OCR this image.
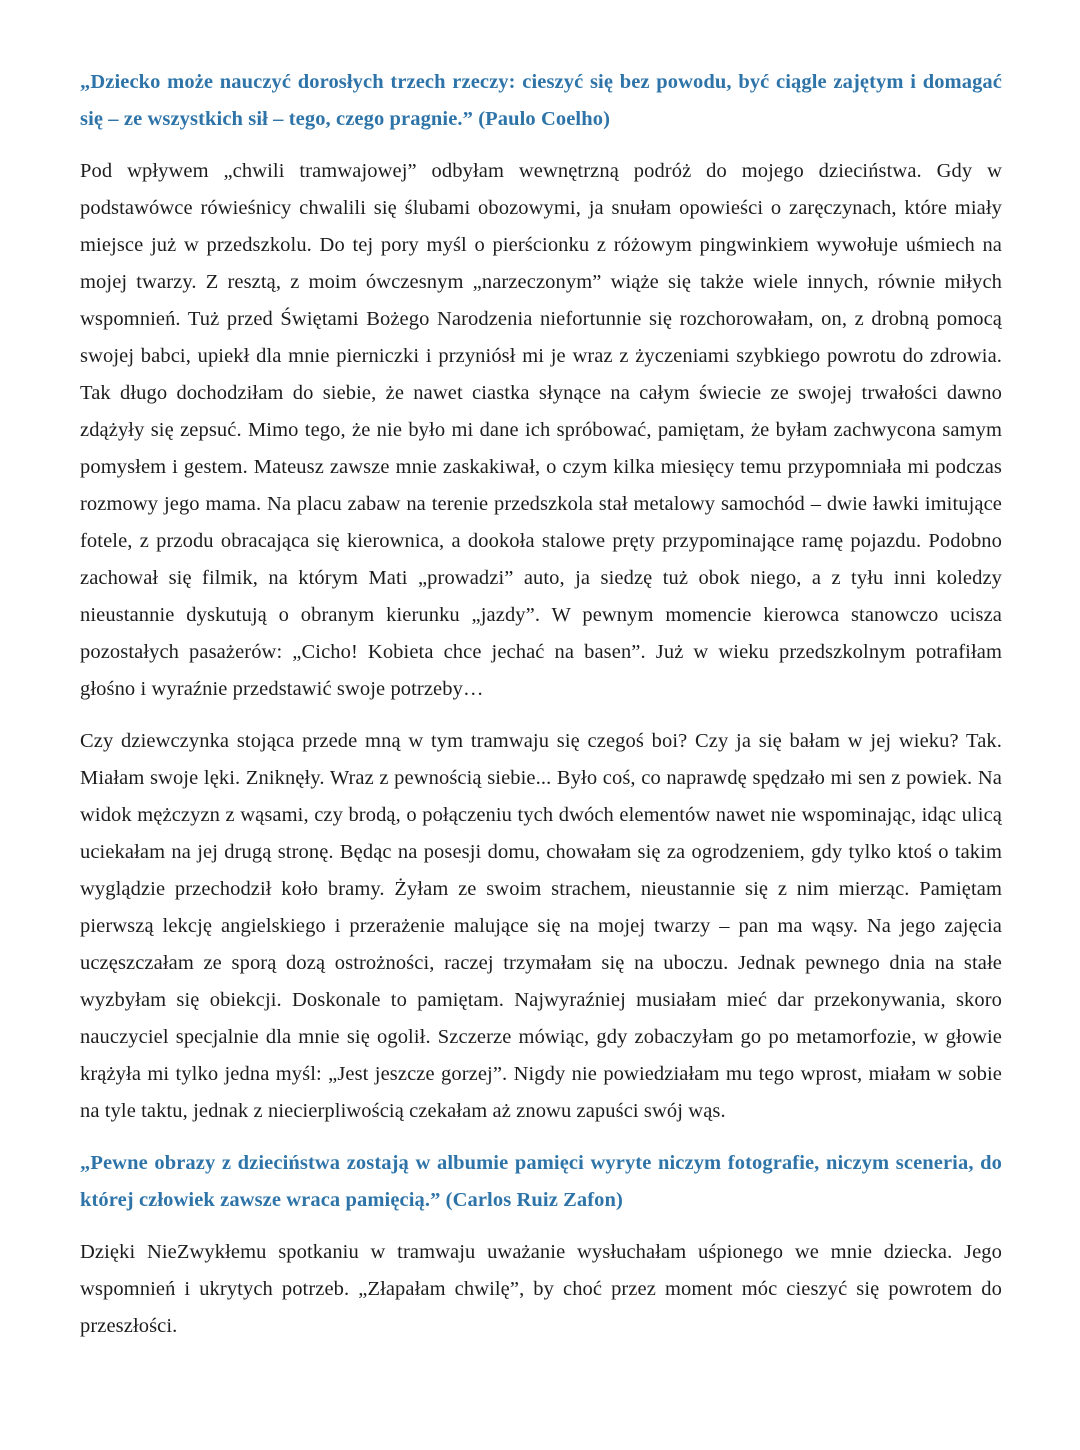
„Dziecko może nauczyć dorosłych trzech rzeczy: cieszyć się bez powodu, być ciągle zajętym i domagać się – ze wszystkich sił – tego, czego pragnie.” (Paulo Coelho)

Pod wpływem „chwili tramwajowej” odbyłam wewnętrzną podróż do mojego dzieciństwa. Gdy w podstawówce rówieśnicy chwalili się ślubami obozowymi, ja snułam opowieści o zaręczynach, które miały miejsce już w przedszkolu. Do tej pory myśl o pierścionku z różowym pingwinkiem wywołuje uśmiech na mojej twarzy. Z resztą, z moim ówczesnym „narzeczonym” wiąże się także wiele innych, równie miłych wspomnień. Tuż przed Świętami Bożego Narodzenia niefortunnie się rozchorowałam, on, z drobną pomocą swojej babci, upiekł dla mnie pierniczki i przyniósł mi je wraz z życzeniami szybkiego powrotu do zdrowia. Tak długo dochodziłam do siebie, że nawet ciastka słynące na całym świecie ze swojej trwałości dawno zdążyły się zepsuć. Mimo tego, że nie było mi dane ich spróbować, pamiętam, że byłam zachwycona samym pomysłem i gestem. Mateusz zawsze mnie zaskakiwał, o czym kilka miesięcy temu przypomniała mi podczas rozmowy jego mama. Na placu zabaw na terenie przedszkola stał metalowy samochód – dwie ławki imitujące fotele, z przodu obracająca się kierownica, a dookoła stalowe pręty przypominające ramę pojazdu. Podobno zachował się filmik, na którym Mati „prowadzi” auto, ja siedzę tuż obok niego, a z tyłu inni koledzy nieustannie dyskutują o obranym kierunku „jazdy”. W pewnym momencie kierowca stanowczo ucisza pozostałych pasażerów: „Cicho! Kobieta chce jechać na basen”. Już w wieku przedszkolnym potrafiłam głośno i wyraźnie przedstawić swoje potrzeby…

Czy dziewczynka stojąca przede mną w tym tramwaju się czegoś boi? Czy ja się bałam w jej wieku? Tak. Miałam swoje lęki. Zniknęły. Wraz z pewnością siebie... Było coś, co naprawdę spędzało mi sen z powiek. Na widok mężczyzn z wąsami, czy brodą, o połączeniu tych dwóch elementów nawet nie wspominając, idąc ulicą uciekałam na jej drugą stronę. Będąc na posesji domu, chowałam się za ogrodzeniem, gdy tylko ktoś o takim wyglądzie przechodził koło bramy. Żyłam ze swoim strachem, nieustannie się z nim mierząc. Pamiętam pierwszą lekcję angielskiego i przerażenie malujące się na mojej twarzy – pan ma wąsy. Na jego zajęcia uczęszczałam ze sporą dozą ostrożności, raczej trzymałam się na uboczu. Jednak pewnego dnia na stałe wyzbyłam się obiekcji. Doskonale to pamiętam. Najwyraźniej musiałam mieć dar przekonywania, skoro nauczyciel specjalnie dla mnie się ogolił. Szczerze mówiąc, gdy zobaczyłam go po metamorfozie, w głowie krążyła mi tylko jedna myśl: „Jest jeszcze gorzej”. Nigdy nie powiedziałam mu tego wprost, miałam w sobie na tyle taktu, jednak z niecierpliwością czekałam aż znowu zapuści swój wąs.

„Pewne obrazy z dzieciństwa zostają w albumie pamięci wyryte niczym fotografie, niczym sceneria, do której człowiek zawsze wraca pamięcią.” (Carlos Ruiz Zafon)

Dzięki NieZwykłemu spotkaniu w tramwaju uważanie wysłuchałam uśpionego we mnie dziecka. Jego wspomnień i ukrytych potrzeb. „Złapałam chwilę”, by choć przez moment móc cieszyć się powrotem do przeszłości.
